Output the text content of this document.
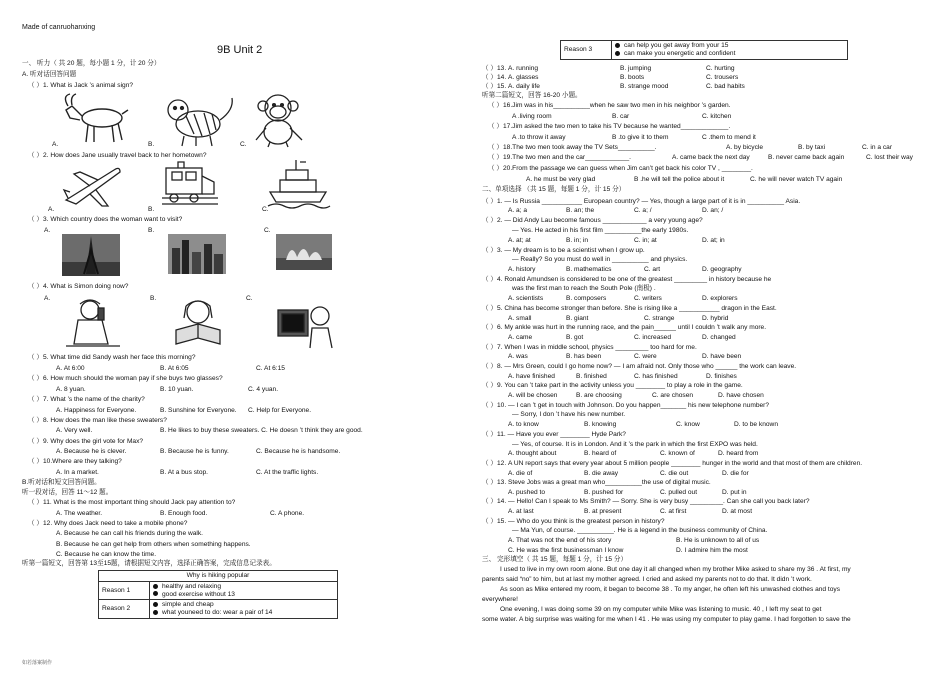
Made of canruohanxing
如若落案制作
9B Unit 2
一、 听力（ 共 20 题，每小题 1 分，计 20 分）
A. 听对话回答问题
（ ）1. What is Jack ’s animal sign?
A.	B.	C.
（ ）2. How does Jane usually travel back to her hometown?
A.	B.	C.
（ ）3. Which country does the woman want to visit?
A.	B.	C.
（ ）4. What is Simon doing now?
A.	B.	C.
（ ）5. What time did Sandy wash her face this morning?
A. At 6:00	B. At 6:05	C. At 6:15
（ ）6. How much should the woman pay if she buys two glasses?
A. 8 yuan.	B. 10 yuan.	C. 4 yuan.
（ ）7. What ’s the name of the charity?
A. Happiness for Everyone.	B. Sunshine for Everyone. C. Help for Everyone.
（ ）8. How does the man like these sweaters?
A. Very well.	B. He likes to buy these sweaters. C. He doesn ’t think they are good.
（ ）9. Why does the girl vote for Max?
A. Because he is clever.	B. Because he is funny.	C. Because he is handsome.
（ ）10.Where are they talking?
A. In a market.	B. At a bus stop.	C. At the traffic lights.
B.听对话和短文回答问题。
听一段对话，回答 11～12 题。
（ ）11. What is the most important thing should Jack pay attention to?
A. The weather.	B. Enough food.	C. A phone.
（ ）12. Why does Jack need to take a mobile phone?
A. Because he can call his friends during the walk.
B. Because he can get help from others when something happens.
C. Because he can know the time.
听第一篇短文，回答第 13至15题，请根据短文内容，选择正确答案，完成信息记录表。
Why is hiking popular	
Reason 1	healthy and relaxing
good exercise without 13

Reason 2	simple and cheap
what youneed to do: wear a pair of 14
Reason 3	
can help you get away from your 15
can make you energetic and confident
（ ）13. A. running	B. jumping	C. hurting
（ ）14. A. glasses	B. boots	C. trousers
（ ）15. A. daily life	B. strange mood	C. bad habits
听第二篇短文，回答 16-20 小题。
（ ）16.Jim was in his__________when he saw two men in his neighbor ’s garden.
A .living room	B. car	C. kitchen
（ ）17.Jim asked the two men to take his TV because he wanted_____________.
A .to throw it away	B .to give it to them	C .them to mend it
（ ）18.The two men took away the TV Sets__________.	A. by bicycle	B. by taxi	C. in a car
（ ）19.The two men and the car____________.	A. came back the next day	B. never came back again	C. lost their way
（ ）20.From the passage we can guess when Jim can’t get back his color TV , ________.
A. he must be very glad	B .he will tell the police about it	C. he will never watch TV again
二、单项选择 （共 15 题，每题 1 分，计 15 分）
（ ）1. — Is Russia ___________ European country? — Yes, though a large part of it is in __________ Asia.
A. a; a	B. an; the	C. a; /	D. an; /
（ ）2. — Did Andy Lau become famous ____________ a very young age?
— Yes. He acted in his first film __________the early 1980s.
A. at; at	B. in; in	C. in; at	D. at; in
（ ）3. — My dream is to be a scientist when I grow up.
— Really? So you must do well in __________ and physics.
A. history	B. mathematics	C. art	D. geography
（ ）4. Ronald Amundsen is considered to be one of the greatest _________ in history because he
was the first man to reach the South Pole (南极) .
A. scientists	B. composers	C. writers	D. explorers
（ ）5. China has become stronger than before. She is rising like a ___________ dragon in the East.
A. small	B. giant	C. strange	D. hybrid
（ ）6. My ankle was hurt in the running race, and the pain______ until I couldn ’t walk any more.
A. came	B. got	C. increased	D. changed
（ ）7. When I was in middle school, physics _________ too hard for me.
A. was	B. has been	C. were	D. have been
（ ）8. — Mrs Green, could I go home now? — I am afraid not. Only those who ______ the work can leave.
A. have finished	B. finished	C. has finished	D. finishes
（ ）9. You can ’t take part in the activity unless you ________ to play a role in the game.
A. will be chosen	B. are choosing	C. are chosen	D. have chosen
（ ）10. — I can ’t get in touch with Johnson. Do you happen_______ his new telephone number?
— Sorry, I don ’t have his new number.
A. to know	B. knowing	C. know	D. to be known
（ ）11. — Have you ever ________ Hyde Park?
— Yes, of course. It is in London. And it ’s the park in which the first EXPO was held.
A. thought about	B. heard of	C. known of	D. heard from
（ ）12. A UN report says that every year about 5 million people ________ hunger in the world and that most of them are children.
A. die of	B. die away	C. die out	D. die for
（ ）13. Steve Jobs was a great man who__________the use of digital music.
A. pushed to	B. pushed for	C. pulled out	D. put in
（ ）14. — Hello! Can I speak to Ms Smith? — Sorry. She is very busy _________. Can she call you back later?
A. at last	B. at present	C. at first	D. at most
（ ）15. — Who do you think is the greatest person in history?
— Ma Yun, of course. __________. He is a legend in the business community of China.
A. That was not the end of his story	B. He is unknown to all of us
C. He was the first businessman I know	D. I admire him the most
三、 完形填空（ 共 15 题，每题 1 分，计 15 分）
I used to live in my own room alone. But one day it all changed when my brother Mike asked to share my 36 . At first, my
parents said “no” to him, but at last my mother agreed. I cried and asked my parents not to do that. It didn ’t work.
As soon as Mike entered my room, it began to become 38 . To my anger, he often left his unwashed clothes and toys
everywhere!
One evening, I was doing some 39 on my computer while Mike was listening to music. 40 , I left my seat to get
some water. A big surprise was waiting for me when I 41 . He was using my computer to play game. I had forgotten to save the
